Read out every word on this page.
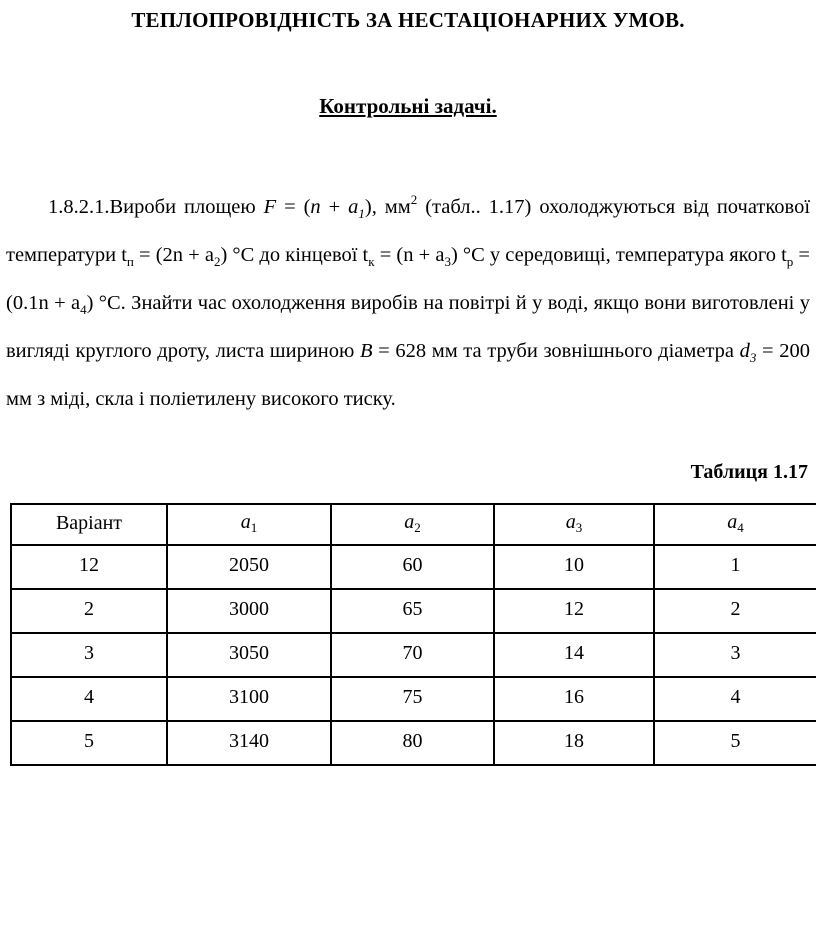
ТЕПЛОПРОВІДНІСТЬ ЗА НЕСТАЦІОНАРНИХ УМОВ.
Контрольні задачі.

1.8.2.1.Вироби площею $F = (n + a_1)$, $мм^2$ (табл.. 1.17) охолоджуються від початкової температури $t_п = (2n + a_2)$ °С до кінцевої $t_к = (n + a_3)$ °С у середовищі, температура якого $t_р = (0.1n + a_4)$ °С. Знайти час охолодження виробів на повітрі й у воді, якщо вони виготовлені у вигляді круглого дроту, листа шириною B = 628 мм та труби зовнішнього діаметра $d_3 = 200$ мм з міді, скла і поліетилену високого тиску.

Таблиця 1.17
Варіант	$a_1$	$a_2$	$a_3$	$a_4$
12	2050	60	10	1
2	3000	65	12	2
3	3050	70	14	3
4	3100	75	16	4
5	3140	80	18	5
